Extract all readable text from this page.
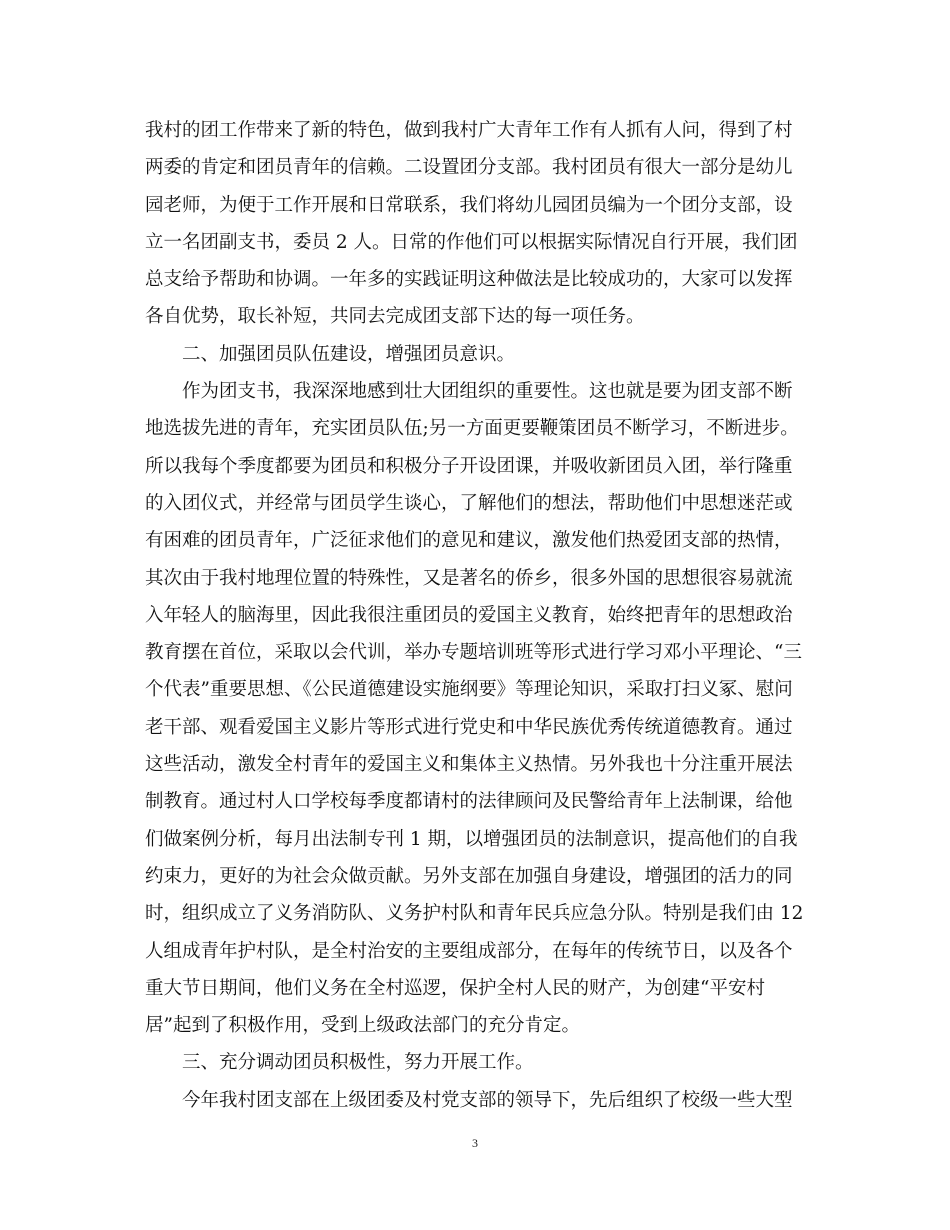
我村的团工作带来了新的特色，做到我村广大青年工作有人抓有人问，得到了村
两委的肯定和团员青年的信赖。二设置团分支部。我村团员有很大一部分是幼儿
园老师，为便于工作开展和日常联系，我们将幼儿园团员编为一个团分支部，设
立一名团副支书，委员 2 人。日常的作他们可以根据实际情况自行开展，我们团
总支给予帮助和协调。一年多的实践证明这种做法是比较成功的，大家可以发挥
各自优势，取长补短，共同去完成团支部下达的每一项任务。
二、加强团员队伍建设，增强团员意识。
作为团支书，我深深地感到壮大团组织的重要性。这也就是要为团支部不断
地选拔先进的青年，充实团员队伍;另一方面更要鞭策团员不断学习，不断进步。
所以我每个季度都要为团员和积极分子开设团课，并吸收新团员入团，举行隆重
的入团仪式，并经常与团员学生谈心，了解他们的想法，帮助他们中思想迷茫或
有困难的团员青年，广泛征求他们的意见和建议，激发他们热爱团支部的热情，
其次由于我村地理位置的特殊性，又是著名的侨乡，很多外国的思想很容易就流
入年轻人的脑海里，因此我很注重团员的爱国主义教育，始终把青年的思想政治
教育摆在首位，采取以会代训，举办专题培训班等形式进行学习邓小平理论、“三
个代表”重要思想、《公民道德建设实施纲要》等理论知识，采取打扫义冢、慰问
老干部、观看爱国主义影片等形式进行党史和中华民族优秀传统道德教育。通过
这些活动，激发全村青年的爱国主义和集体主义热情。另外我也十分注重开展法
制教育。通过村人口学校每季度都请村的法律顾问及民警给青年上法制课，给他
们做案例分析，每月出法制专刊 1 期，以增强团员的法制意识，提高他们的自我
约束力，更好的为社会众做贡献。另外支部在加强自身建设，增强团的活力的同
时，组织成立了义务消防队、义务护村队和青年民兵应急分队。特别是我们由 12
人组成青年护村队，是全村治安的主要组成部分，在每年的传统节日，以及各个
重大节日期间，他们义务在全村巡逻，保护全村人民的财产，为创建“平安村
居”起到了积极作用，受到上级政法部门的充分肯定。
三、充分调动团员积极性，努力开展工作。
今年我村团支部在上级团委及村党支部的领导下，先后组织了校级一些大型
3
